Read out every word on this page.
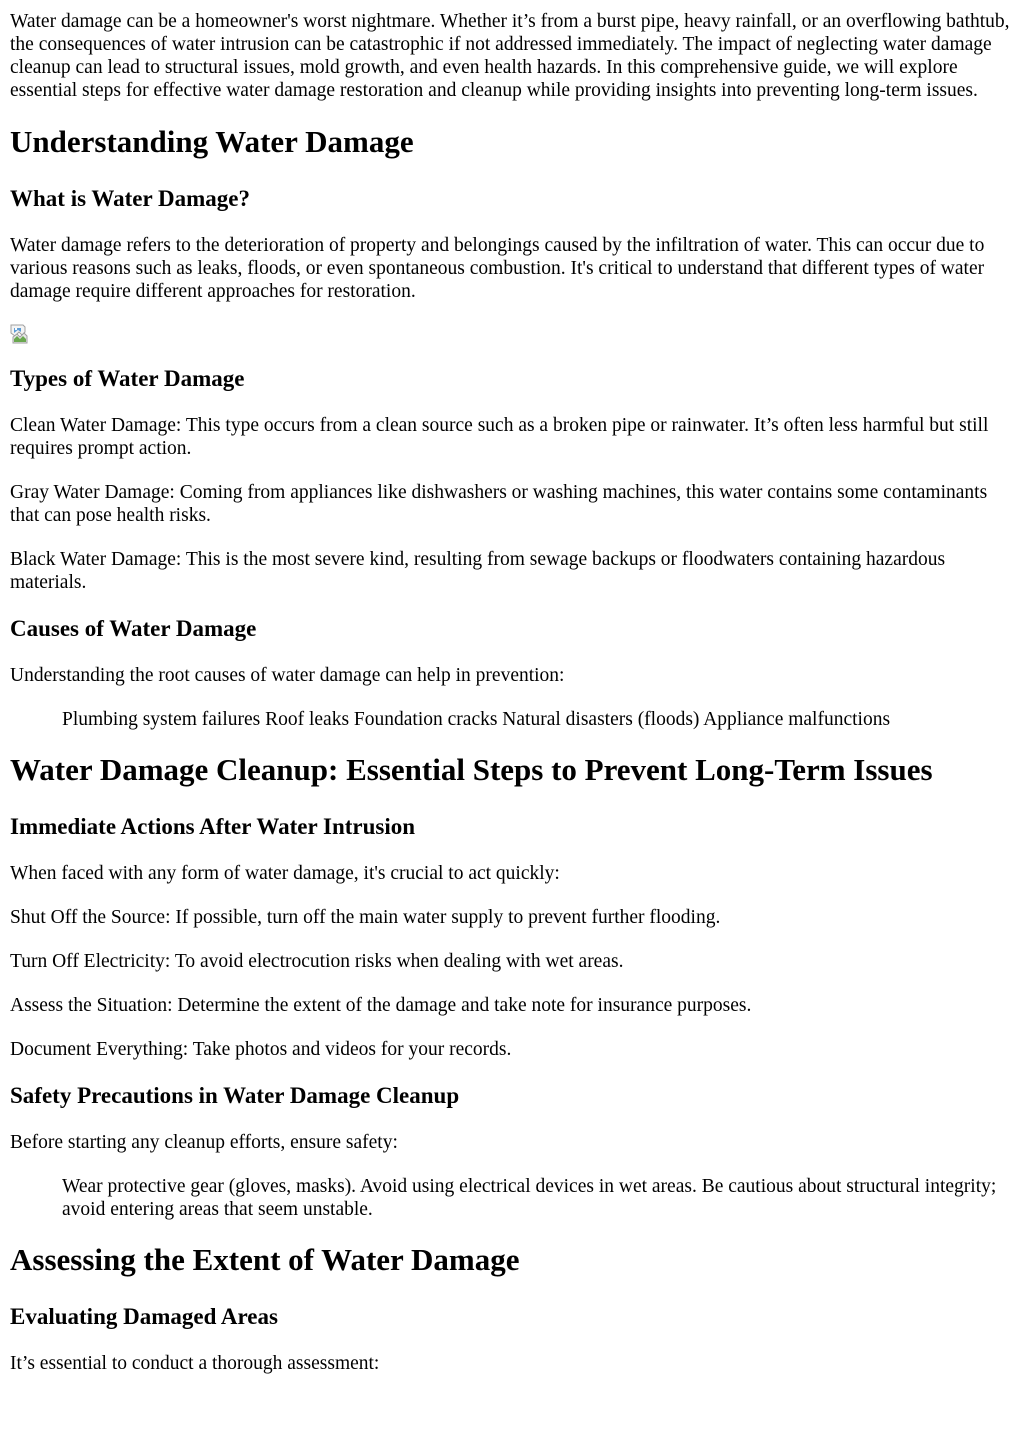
Water damage can be a homeowner's worst nightmare. Whether it’s from a burst pipe, heavy rainfall, or an overflowing bathtub, the consequences of water intrusion can be catastrophic if not addressed immediately. The impact of neglecting water damage cleanup can lead to structural issues, mold growth, and even health hazards. In this comprehensive guide, we will explore essential steps for effective water damage restoration and cleanup while providing insights into preventing long-term issues.

Understanding Water Damage
What is Water Damage?

Water damage refers to the deterioration of property and belongings caused by the infiltration of water. This can occur due to various reasons such as leaks, floods, or even spontaneous combustion. It's critical to understand that different types of water damage require different approaches for restoration.

Types of Water Damage

Clean Water Damage: This type occurs from a clean source such as a broken pipe or rainwater. It’s often less harmful but still requires prompt action.

Gray Water Damage: Coming from appliances like dishwashers or washing machines, this water contains some contaminants that can pose health risks.

Black Water Damage: This is the most severe kind, resulting from sewage backups or floodwaters containing hazardous materials.

Causes of Water Damage

Understanding the root causes of water damage can help in prevention:

Plumbing system failures Roof leaks Foundation cracks Natural disasters (floods) Appliance malfunctions
Water Damage Cleanup: Essential Steps to Prevent Long-Term Issues
Immediate Actions After Water Intrusion

When faced with any form of water damage, it's crucial to act quickly:

Shut Off the Source: If possible, turn off the main water supply to prevent further flooding.

Turn Off Electricity: To avoid electrocution risks when dealing with wet areas.

Assess the Situation: Determine the extent of the damage and take note for insurance purposes.

Document Everything: Take photos and videos for your records.

Safety Precautions in Water Damage Cleanup

Before starting any cleanup efforts, ensure safety:

Wear protective gear (gloves, masks). Avoid using electrical devices in wet areas. Be cautious about structural integrity; avoid entering areas that seem unstable.
Assessing the Extent of Water Damage
Evaluating Damaged Areas

It’s essential to conduct a thorough assessment:
